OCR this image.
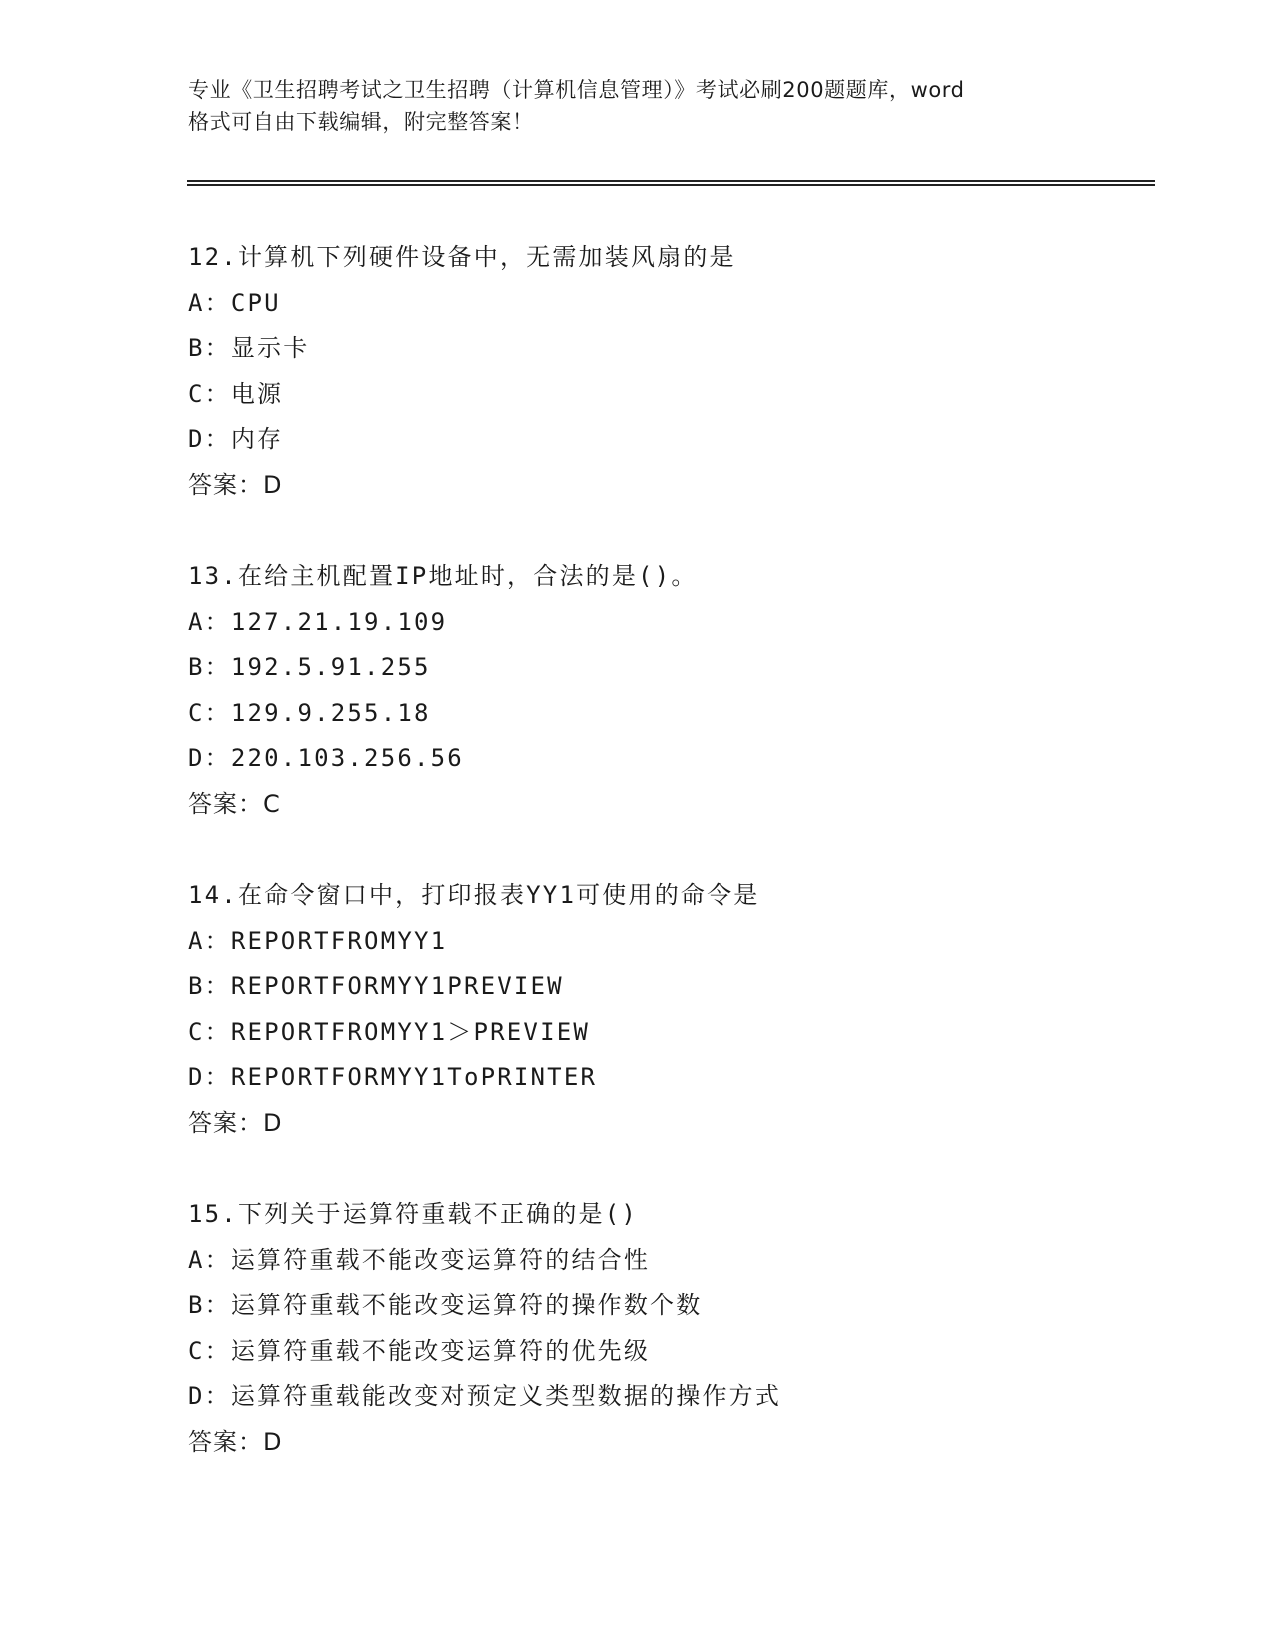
专业《卫生招聘考试之卫生招聘（计算机信息管理）》考试必刷200题题库，word
格式可自由下载编辑，附完整答案！
12.计算机下列硬件设备中，无需加装风扇的是
A：CPU
B：显示卡
C：电源
D：内存
答案：D
13.在给主机配置IP地址时，合法的是()。
A：127.21.19.109
B：192.5.91.255
C：129.9.255.18
D：220.103.256.56
答案：C
14.在命令窗口中，打印报表YY1可使用的命令是
A：REPORTFROMYY1
B：REPORTFORMYY1PREVIEW
C：REPORTFROMYY1＞PREVIEW
D：REPORTFORMYY1ToPRINTER
答案：D
15.下列关于运算符重载不正确的是()
A：运算符重载不能改变运算符的结合性
B：运算符重载不能改变运算符的操作数个数
C：运算符重载不能改变运算符的优先级
D：运算符重载能改变对预定义类型数据的操作方式
答案：D
